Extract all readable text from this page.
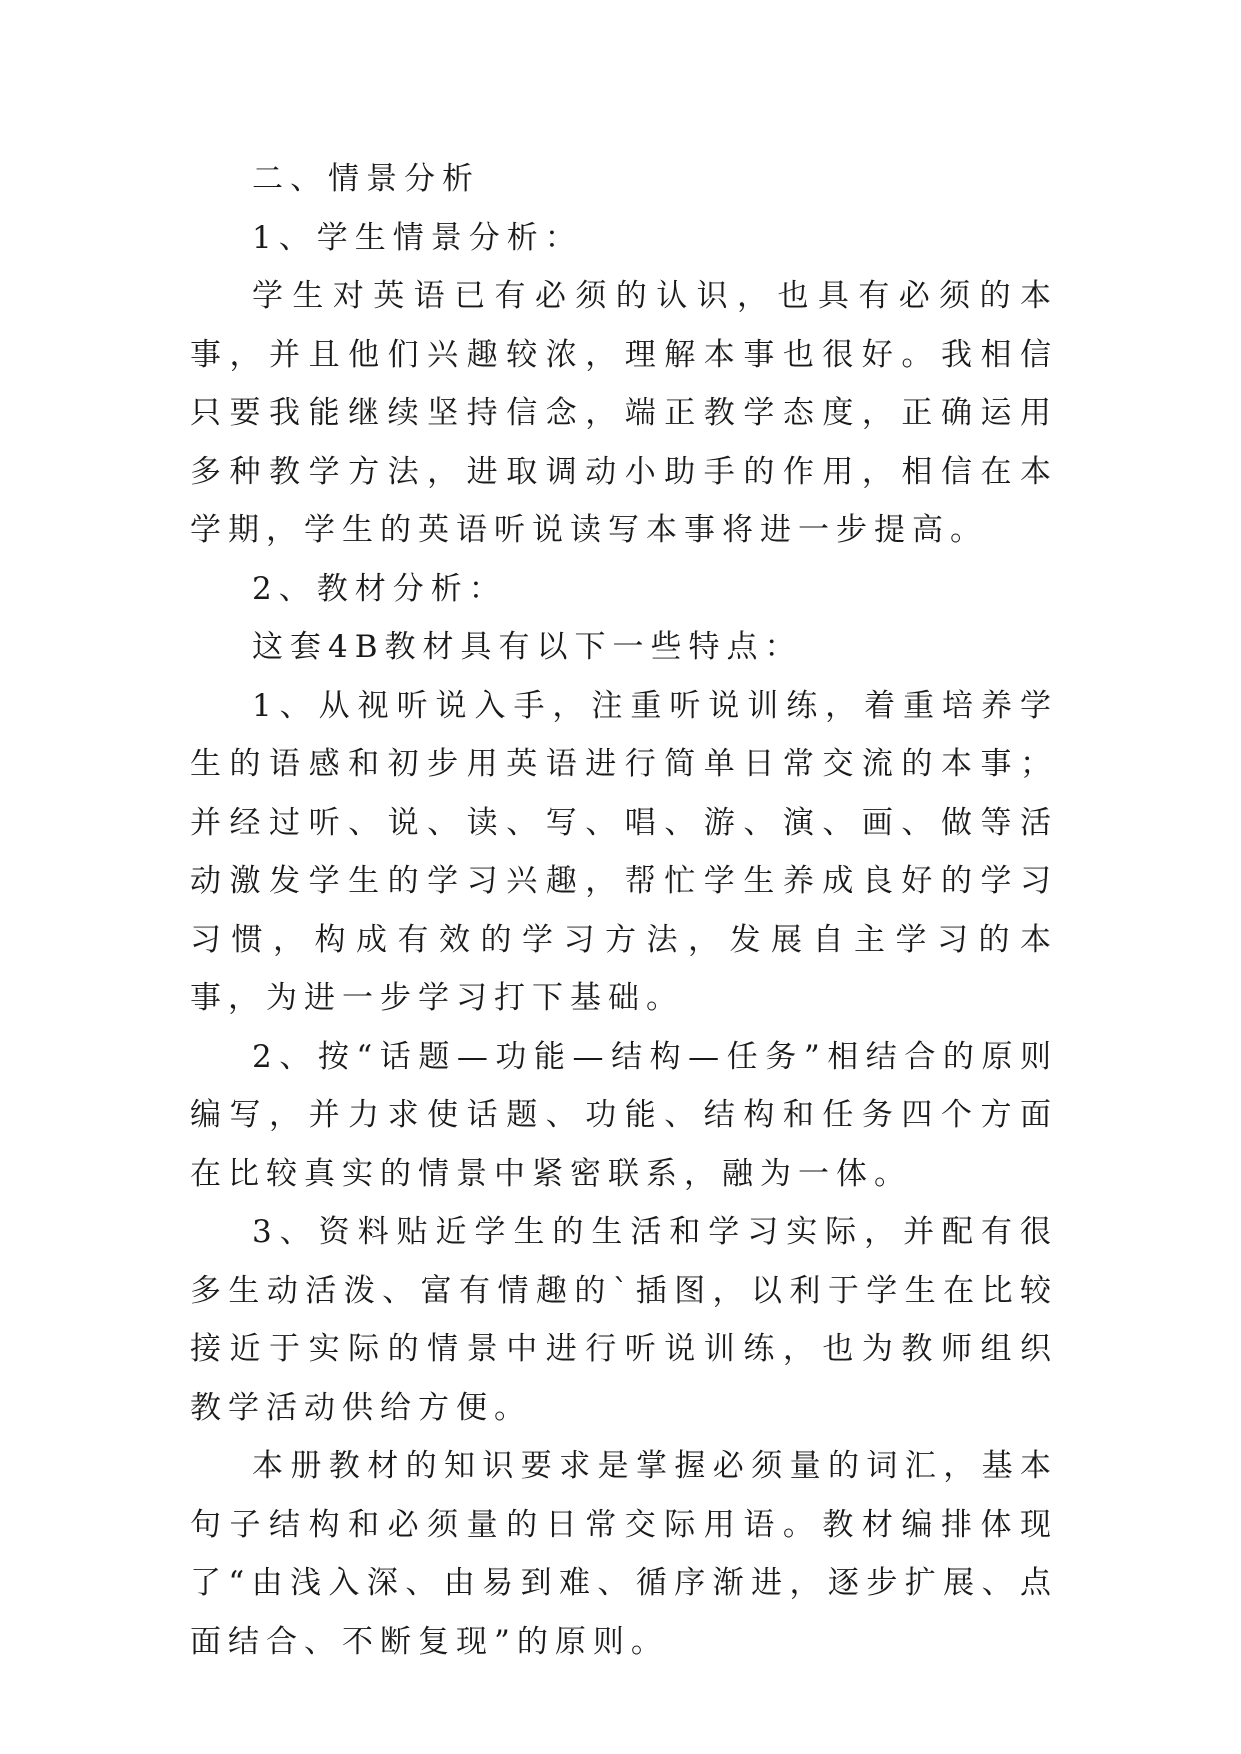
二、情景分析

1、学生情景分析：

学生对英语已有必须的认识，也具有必须的本事，并且他们兴趣较浓，理解本事也很好。我相信只要我能继续坚持信念，端正教学态度，正确运用多种教学方法，进取调动小助手的作用，相信在本学期，学生的英语听说读写本事将进一步提高。

2、教材分析：

这套4B教材具有以下一些特点：

1、从视听说入手，注重听说训练，着重培养学生的语感和初步用英语进行简单日常交流的本事；并经过听、说、读、写、唱、游、演、画、做等活动激发学生的学习兴趣，帮忙学生养成良好的学习习惯，构成有效的学习方法，发展自主学习的本事，为进一步学习打下基础。

2、按“话题—功能—结构—任务”相结合的原则编写，并力求使话题、功能、结构和任务四个方面在比较真实的情景中紧密联系，融为一体。

3、资料贴近学生的生活和学习实际，并配有很多生动活泼、富有情趣的`插图，以利于学生在比较接近于实际的情景中进行听说训练，也为教师组织教学活动供给方便。

本册教材的知识要求是掌握必须量的词汇，基本句子结构和必须量的日常交际用语。教材编排体现了“由浅入深、由易到难、循序渐进，逐步扩展、点面结合、不断复现”的原则。
